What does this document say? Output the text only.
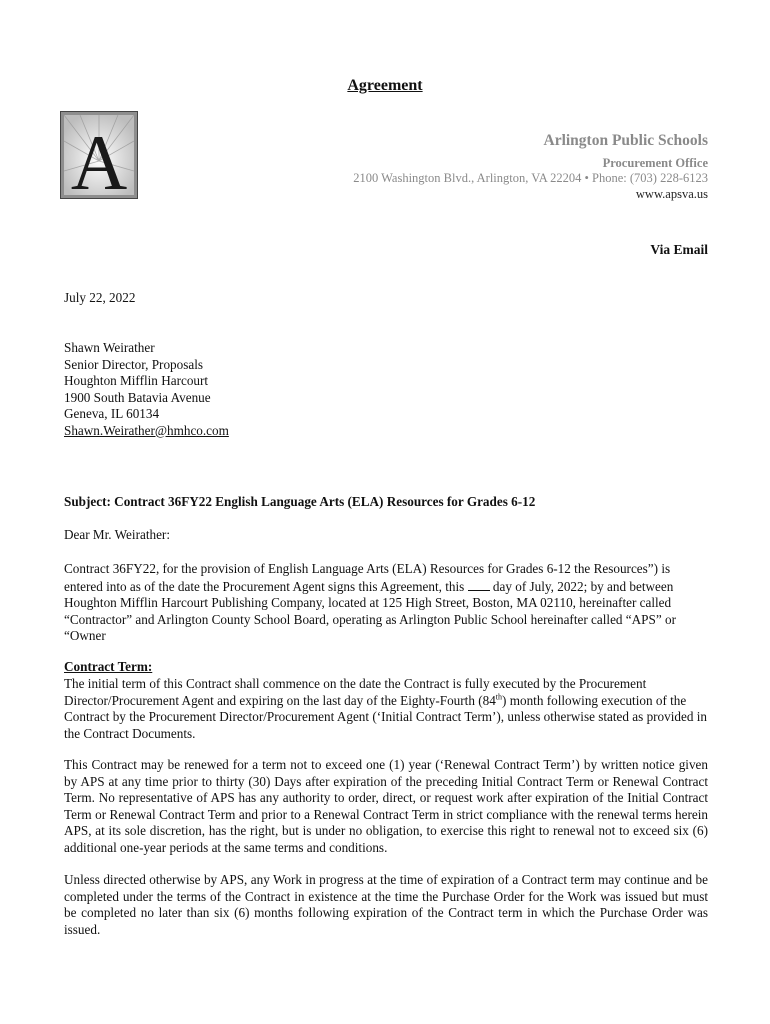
Agreement
A	Arlington Public Schools
Procurement Office
2100 Washington Blvd., Arlington, VA 22204 • Phone: (703) 228-6123
www.apsva.us
Via Email
July 22, 2022
Shawn Weirather
Senior Director, Proposals
Houghton Mifflin Harcourt
1900 South Batavia Avenue
Geneva, IL 60134
Shawn.Weirather@hmhco.com
Subject: Contract 36FY22 English Language Arts (ELA) Resources for Grades 6-12
Dear Mr. Weirather:
Contract 36FY22, for the provision of English Language Arts (ELA) Resources for Grades 6-12 the Resources”) is entered into as of the date the Procurement Agent signs this Agreement, this  day of July, 2022; by and between Houghton Mifflin Harcourt Publishing Company, located at 125 High Street, Boston, MA 02110, hereinafter called “Contractor” and Arlington County School Board, operating as Arlington Public School hereinafter called “APS” or “Owner
Contract Term:
The initial term of this Contract shall commence on the date the Contract is fully executed by the Procurement Director/Procurement Agent and expiring on the last day of the Eighty-Fourth (84th) month following execution of the Contract by the Procurement Director/Procurement Agent (‘Initial Contract Term’), unless otherwise stated as provided in the Contract Documents.
This Contract may be renewed for a term not to exceed one (1) year (‘Renewal Contract Term’) by written notice given by APS at any time prior to thirty (30) Days after expiration of the preceding Initial Contract Term or Renewal Contract Term. No representative of APS has any authority to order, direct, or request work after expiration of the Initial Contract Term or Renewal Contract Term and prior to a Renewal Contract Term in strict compliance with the renewal terms herein APS, at its sole discretion, has the right, but is under no obligation, to exercise this right to renewal not to exceed six (6) additional one-year periods at the same terms and conditions.
Unless directed otherwise by APS, any Work in progress at the time of expiration of a Contract term may continue and be completed under the terms of the Contract in existence at the time the Purchase Order for the Work was issued but must be completed no later than six (6) months following expiration of the Contract term in which the Purchase Order was issued.
